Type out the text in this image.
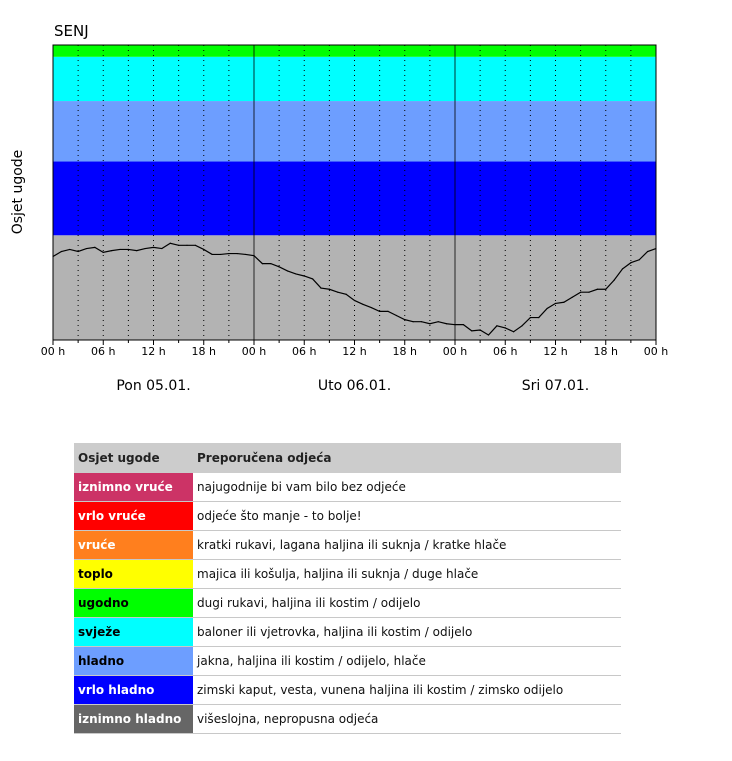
SENJ
Osjet ugode
00 h 06 h 12 h 18 h 00 h 06 h 12 h 18 h 00 h 06 h 12 h 18 h 00 h
Pon 05.01.	Uto 06.01.	Sri 07.01.
Osjet ugode	Preporučena odjeća
iznimno vruće	najugodnije bi vam bilo bez odjeće
vrlo vruće	odjeće što manje - to bolje!
vruće	kratki rukavi, lagana haljina ili suknja / kratke hlače
toplo	majica ili košulja, haljina ili suknja / duge hlače
ugodno	dugi rukavi, haljina ili kostim / odijelo
svježe	baloner ili vjetrovka, haljina ili kostim / odijelo
hladno	jakna, haljina ili kostim / odijelo, hlače
vrlo hladno	zimski kaput, vesta, vunena haljina ili kostim / zimsko odijelo
iznimno hladno	višeslojna, nepropusna odjeća
